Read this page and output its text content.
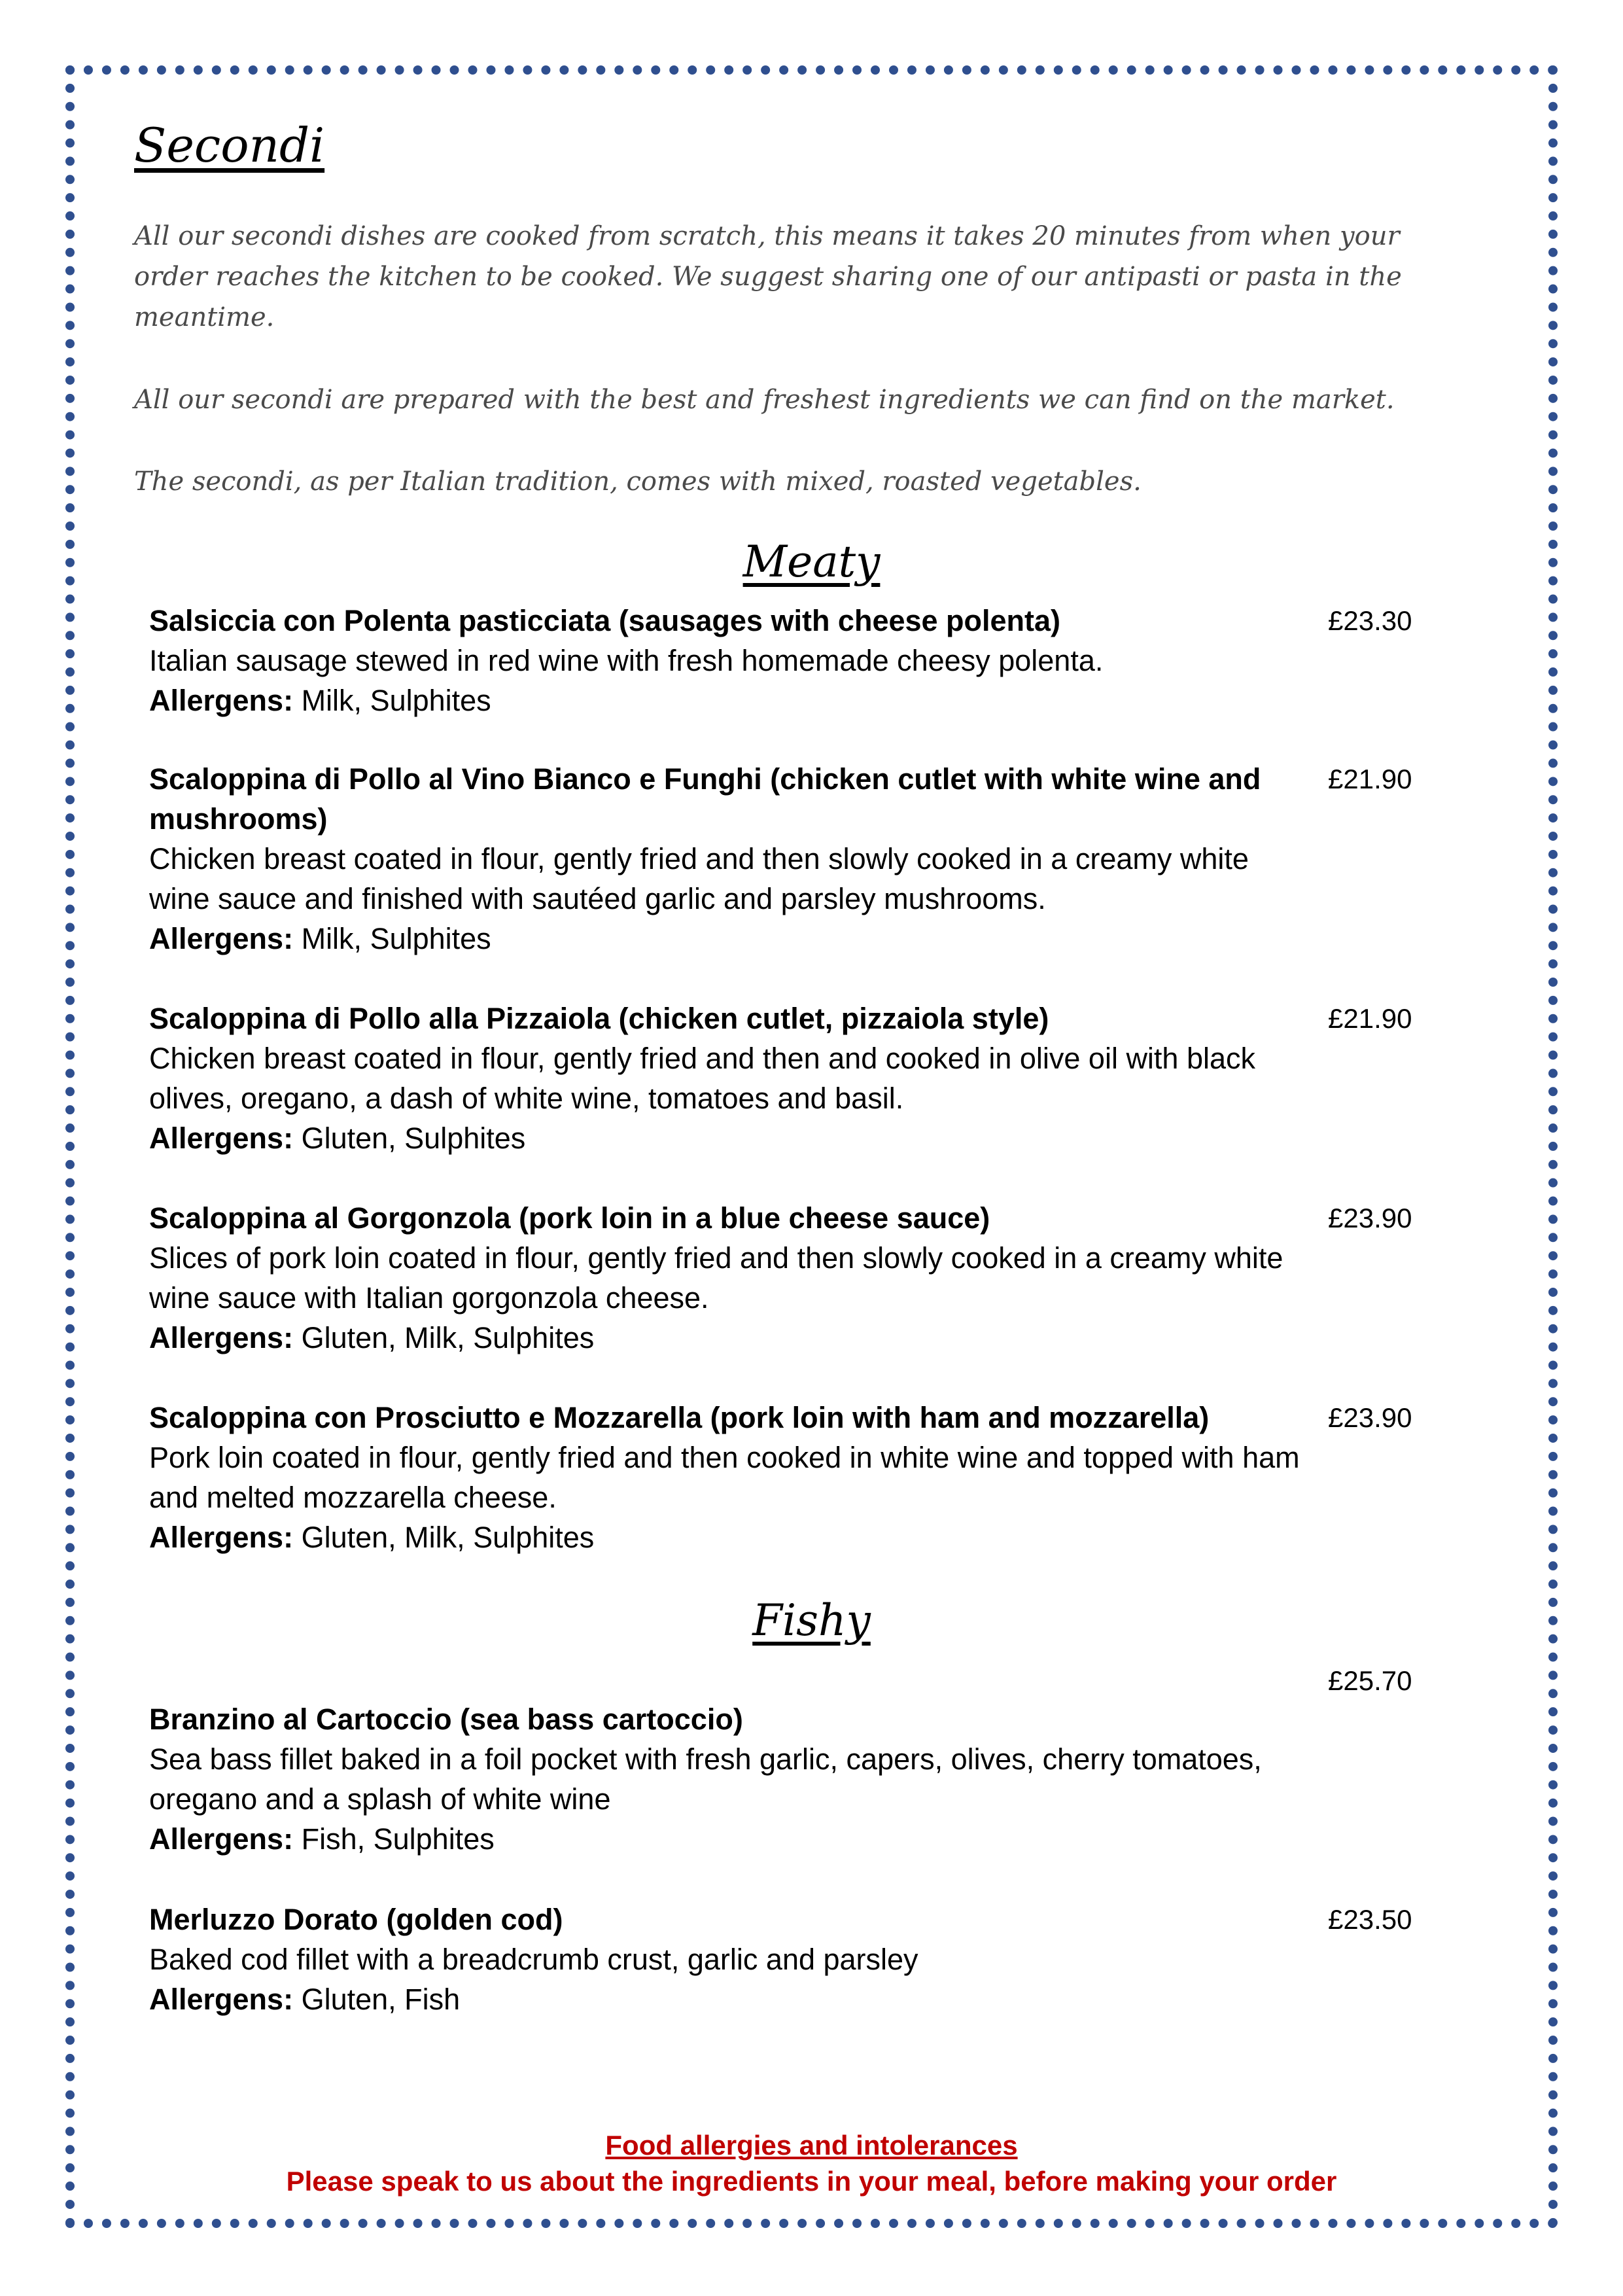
Secondi
All our secondi dishes are cooked from scratch, this means it takes 20 minutes from when your order reaches the kitchen to be cooked. We suggest sharing one of our antipasti or pasta in the meantime.
All our secondi are prepared with the best and freshest ingredients we can find on the market.
The secondi, as per Italian tradition, comes with mixed, roasted vegetables.
Meaty
Salsiccia con Polenta pasticciata (sausages with cheese polenta)
Italian sausage stewed in red wine with fresh homemade cheesy polenta.
Allergens: Milk, Sulphites
£23.30
Scaloppina di Pollo al Vino Bianco e Funghi (chicken cutlet with white wine and mushrooms)
Chicken breast coated in flour, gently fried and then slowly cooked in a creamy white wine sauce and finished with sautéed garlic and parsley mushrooms.
Allergens: Milk, Sulphites
£21.90
Scaloppina di Pollo alla Pizzaiola (chicken cutlet, pizzaiola style)
Chicken breast coated in flour, gently fried and then and cooked in olive oil with black olives, oregano, a dash of white wine, tomatoes and basil.
Allergens: Gluten, Sulphites
£21.90
Scaloppina al Gorgonzola (pork loin in a blue cheese sauce)
Slices of pork loin coated in flour, gently fried and then slowly cooked in a creamy white wine sauce with Italian gorgonzola cheese.
Allergens: Gluten, Milk, Sulphites
£23.90
Scaloppina con Prosciutto e Mozzarella (pork loin with ham and mozzarella)
Pork loin coated in flour, gently fried and then cooked in white wine and topped with ham and melted mozzarella cheese.
Allergens: Gluten, Milk, Sulphites
£23.90
Fishy
£25.70
Branzino al Cartoccio (sea bass cartoccio)
Sea bass fillet baked in a foil pocket with fresh garlic, capers, olives, cherry tomatoes, oregano and a splash of white wine
Allergens: Fish, Sulphites
Merluzzo Dorato (golden cod)
Baked cod fillet with a breadcrumb crust, garlic and parsley
Allergens: Gluten, Fish
£23.50
Food allergies and intolerances
Please speak to us about the ingredients in your meal, before making your order
